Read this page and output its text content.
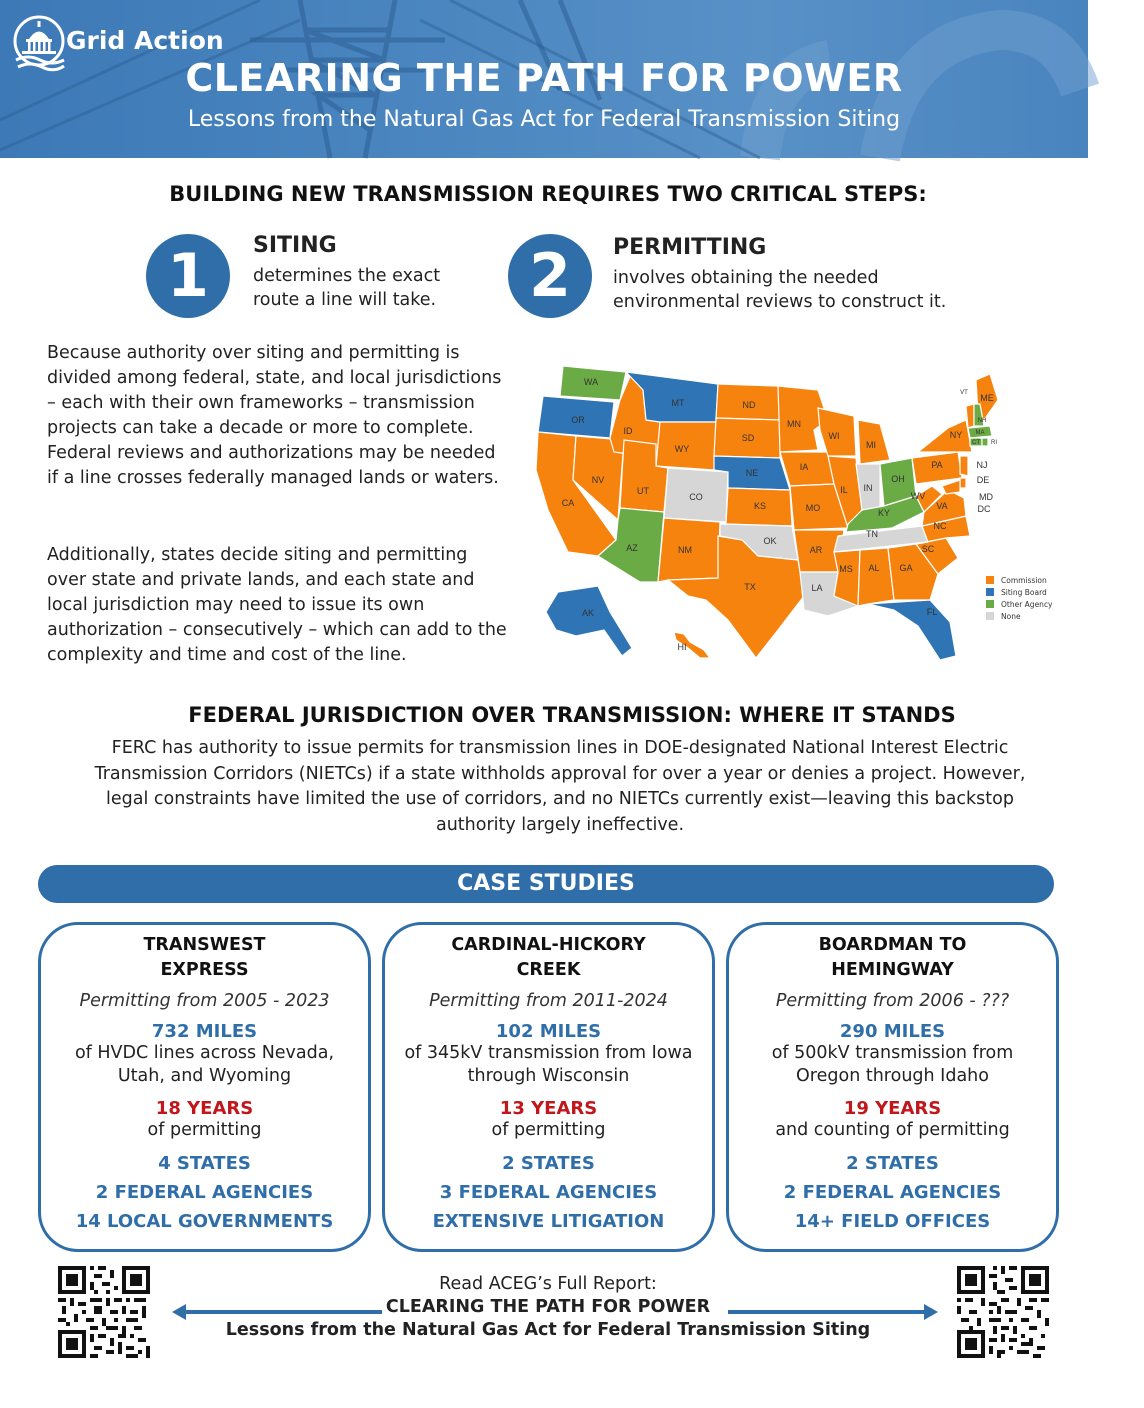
Grid Action
CLEARING THE PATH FOR POWER
Lessons from the Natural Gas Act for Federal Transmission Siting
BUILDING NEW TRANSMISSION REQUIRES TWO CRITICAL STEPS:
1	SITING
determines the exact
route a line will take.	2	PERMITTING
involves obtaining the needed
environmental reviews to construct it.
Because authority over siting and permitting is divided among federal, state, and local jurisdictions – each with their own frameworks – transmission projects can take a decade or more to complete. Federal reviews and authorizations may be needed if a line crosses federally managed lands or waters.
Additionally, states decide siting and permitting over state and private lands, and each state and local jurisdiction may need to issue its own authorization – consecutively – which can add to the complexity and time and cost of the line.
WA
OR
ID
MT
WY
NV
CA
UT
CO
AZ	NM
ND
SD
NE
KS
OK
TX
MN
IA
MO
AR
LA
WI
IL
MI
IN
OH
KY
TN
MS AL GA
FL
SC
NC
VA
WV
PA
NY
ME
NJ
DE
MD
DC
AK
HI
VT
NH
MA
CT RI
Commission
Siting Board
Other Agency
None
FEDERAL JURISDICTION OVER TRANSMISSION: WHERE IT STANDS
FERC has authority to issue permits for transmission lines in DOE-designated National Interest Electric Transmission Corridors (NIETCs) if a state withholds approval for over a year or denies a project. However, legal constraints have limited the use of corridors, and no NIETCs currently exist—leaving this backstop authority largely ineffective.
CASE STUDIES
TRANSWEST EXPRESS
Permitting from 2005 - 2023
732 MILES
of HVDC lines across Nevada, Utah, and Wyoming
18 YEARS
of permitting
4 STATES
2 FEDERAL AGENCIES
14 LOCAL GOVERNMENTS
CARDINAL-HICKORY CREEK
Permitting from 2011-2024
102 MILES
of 345kV transmission from Iowa through Wisconsin
13 YEARS
of permitting
2 STATES
3 FEDERAL AGENCIES
EXTENSIVE LITIGATION
BOARDMAN TO HEMINGWAY
Permitting from 2006 - ???
290 MILES
of 500kV transmission from Oregon through Idaho
19 YEARS
and counting of permitting
2 STATES
2 FEDERAL AGENCIES
14+ FIELD OFFICES
Read ACEG’s Full Report:
CLEARING THE PATH FOR POWER
Lessons from the Natural Gas Act for Federal Transmission Siting
